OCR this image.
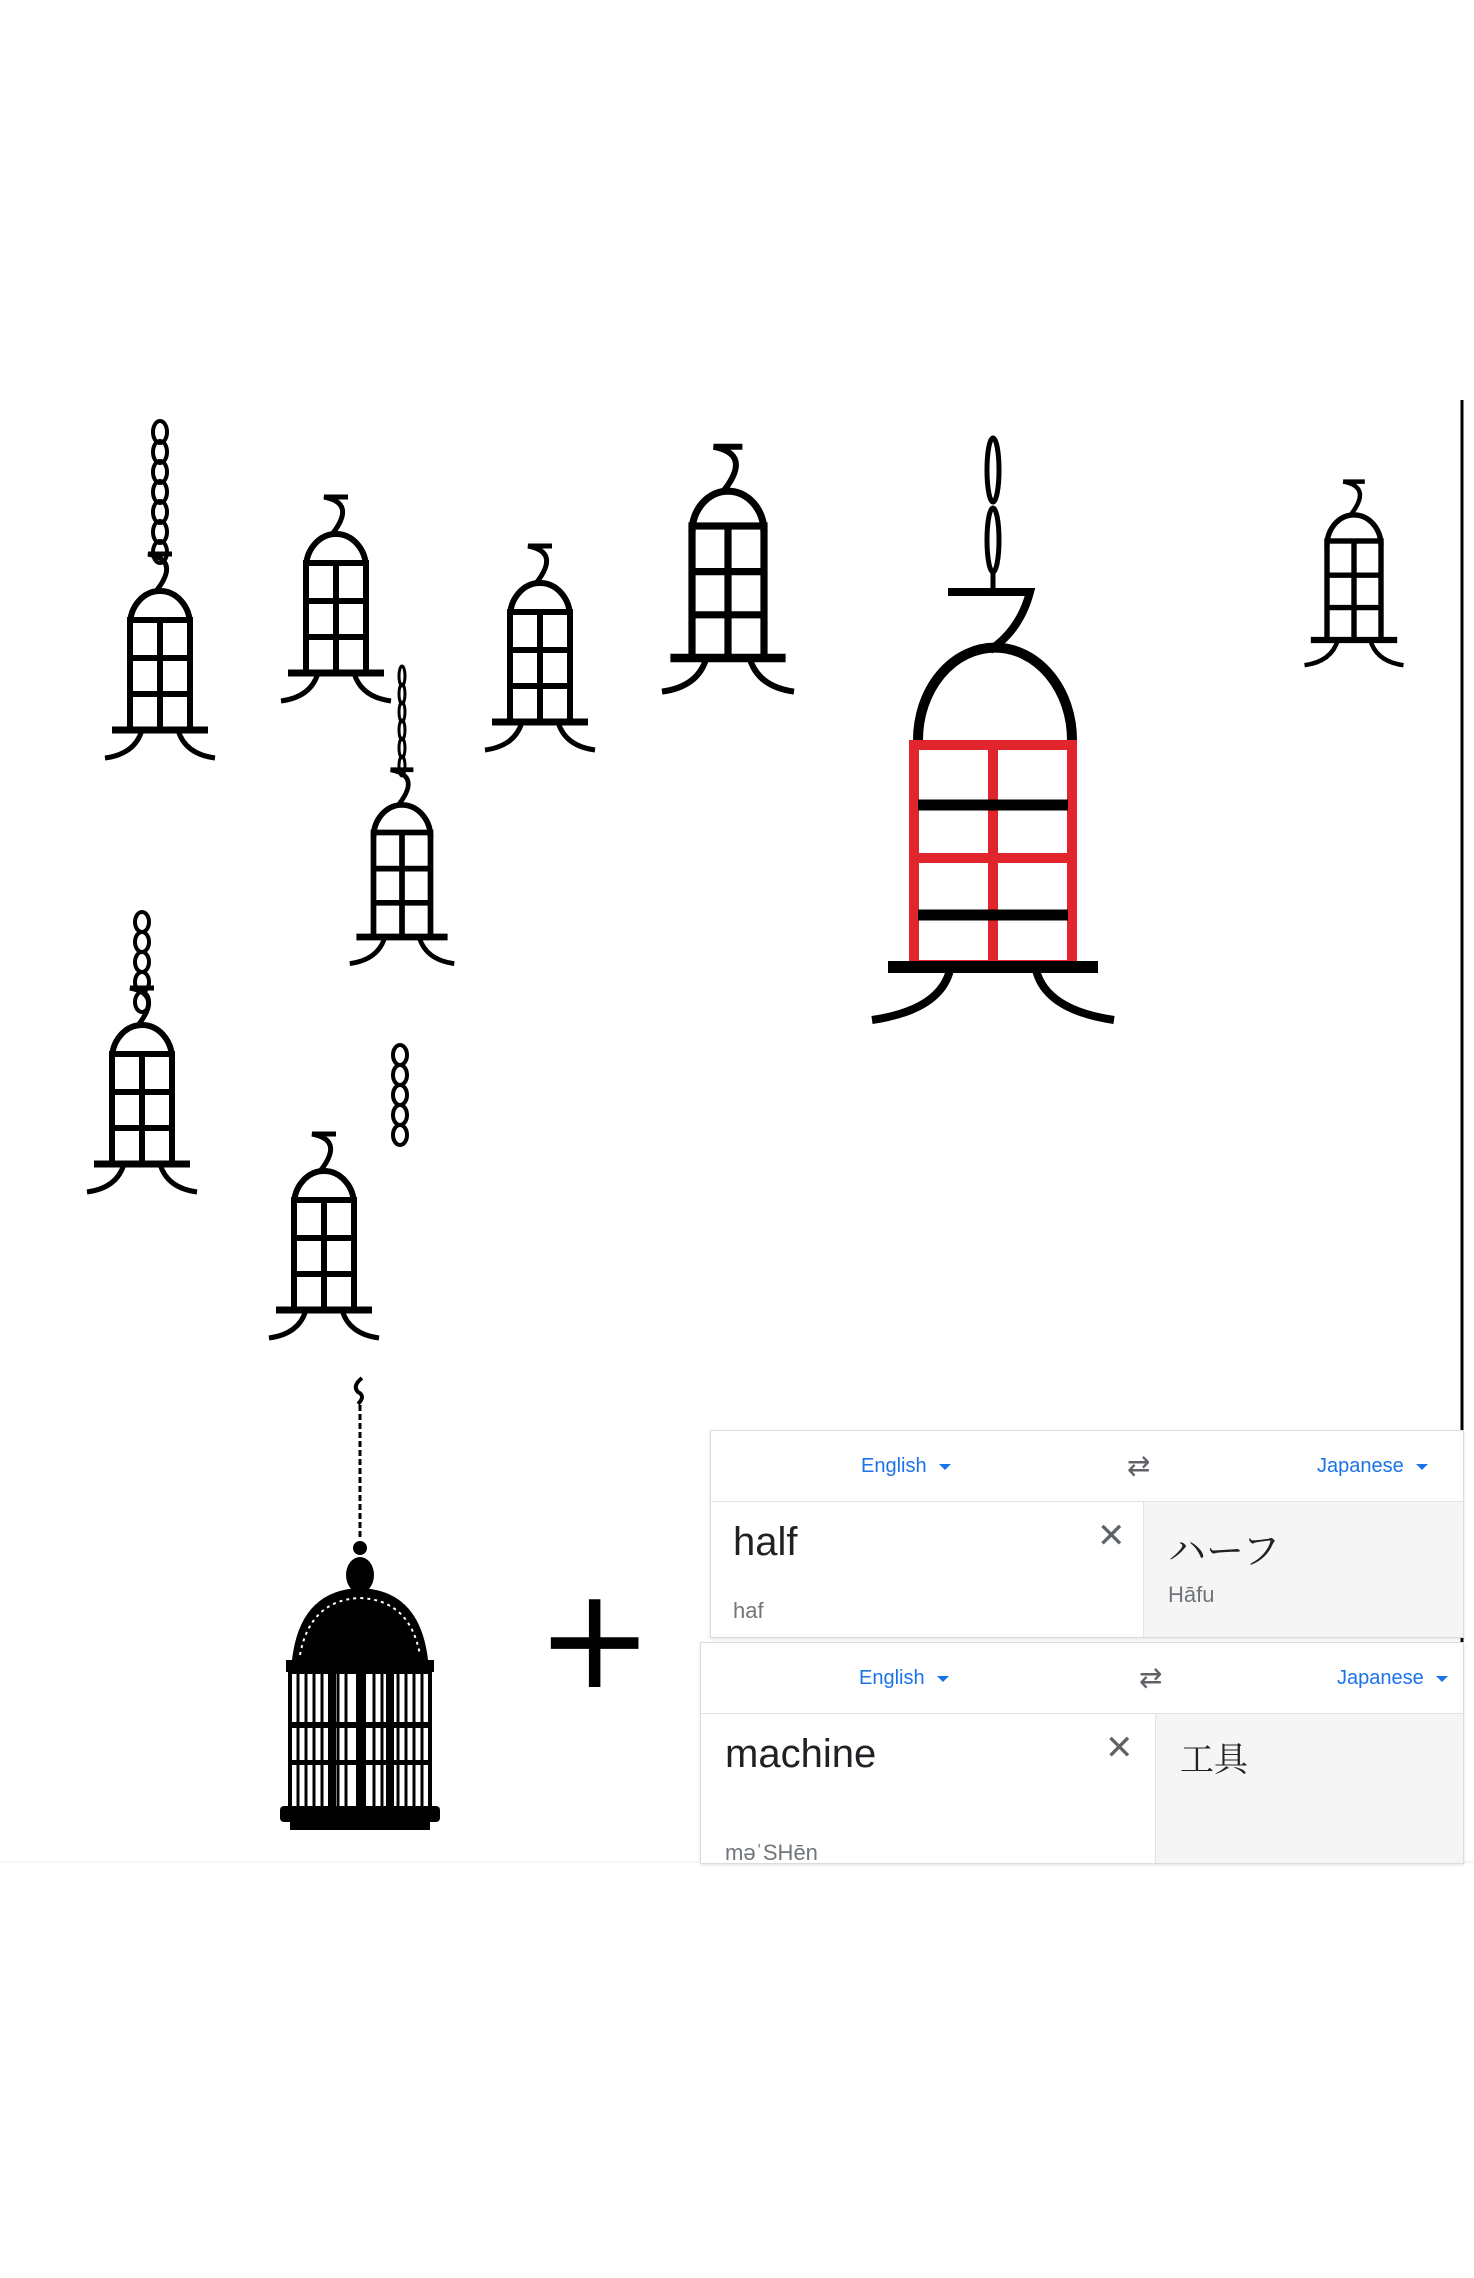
+
English	⇄	Japanese
half	✕
haf
ハーフ
Hāfu
English	⇄	Japanese
machine	✕
məˈSHēn
工具
